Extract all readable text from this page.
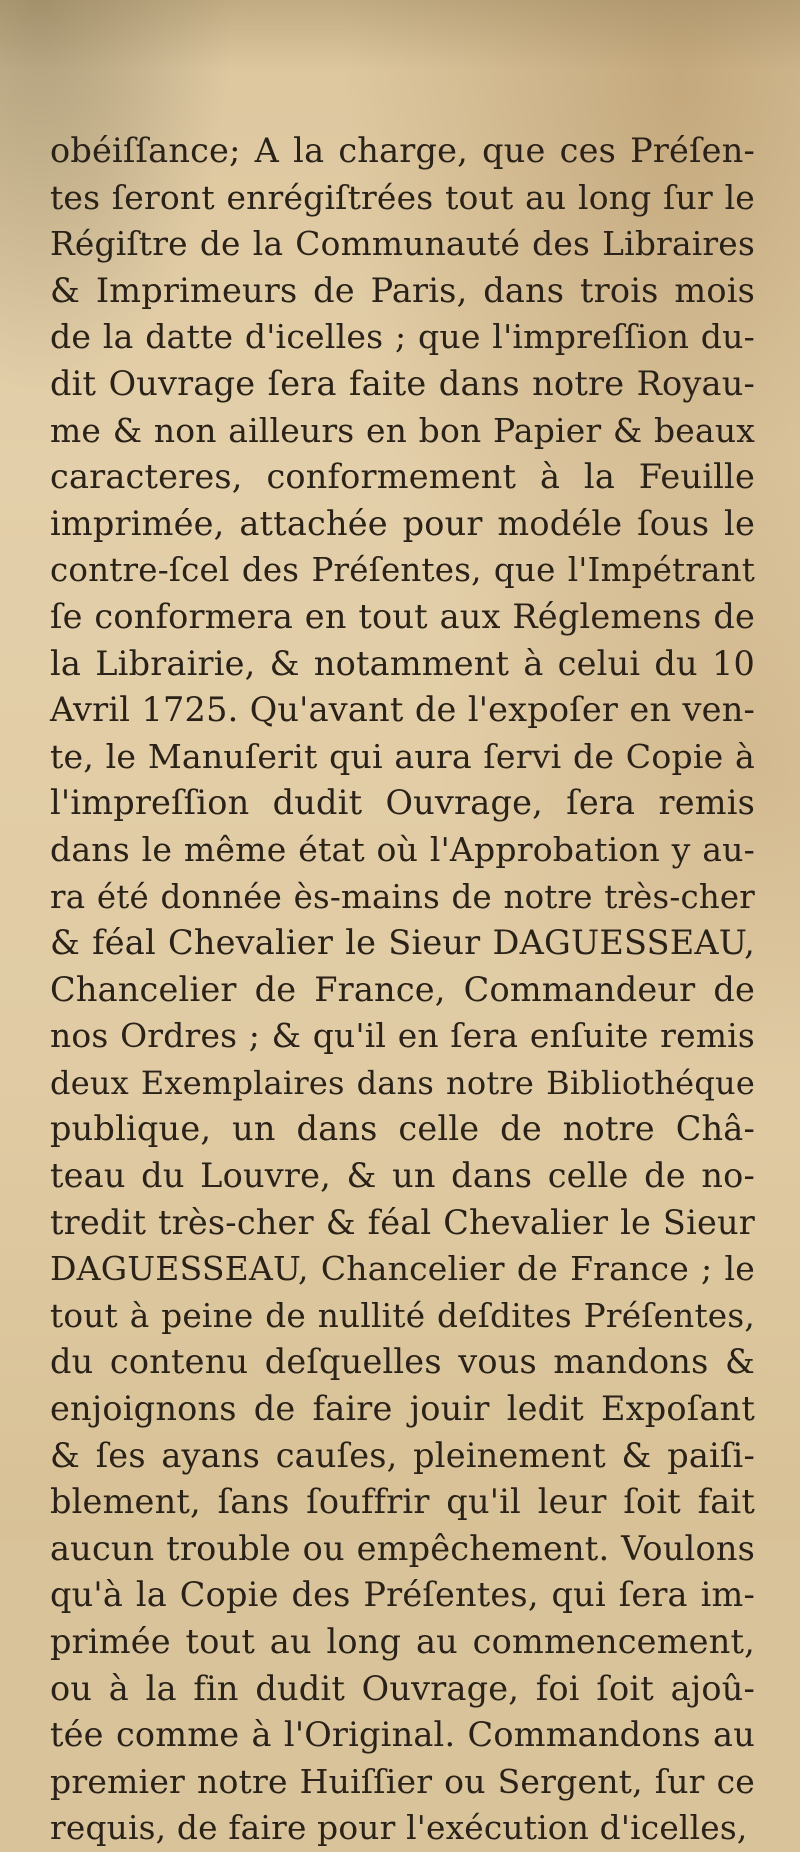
obéiſſance; A la charge, que ces Préſen-
tes ſeront enrégiſtrées tout au long ſur le
Régiſtre de la Communauté des Libraires
& Imprimeurs de Paris, dans trois mois
de la datte d'icelles ; que l'impreſſion du-
dit Ouvrage ſera faite dans notre Royau-
me & non ailleurs en bon Papier & beaux
caracteres, conformement à la Feuille
imprimée, attachée pour modéle ſous le
contre-ſcel des Préſentes, que l'Impétrant
ſe conformera en tout aux Réglemens de
la Librairie, & notamment à celui du 10
Avril 1725. Qu'avant de l'expoſer en ven-
te, le Manuſerit qui aura ſervi de Copie à
l'impreſſion dudit Ouvrage, ſera remis
dans le même état où l'Approbation y au-
ra été donnée ès-mains de notre très-cher
& féal Chevalier le Sieur DAGUESSEAU,
Chancelier de France, Commandeur de
nos Ordres ; & qu'il en ſera enſuite remis
deux Exemplaires dans notre Bibliothéque
publique, un dans celle de notre Châ-
teau du Louvre, & un dans celle de no-
tredit très-cher & féal Chevalier le Sieur
DAGUESSEAU, Chancelier de France ; le
tout à peine de nullité deſdites Préſentes,
du contenu deſquelles vous mandons &
enjoignons de faire jouir ledit Expoſant
& ſes ayans cauſes, pleinement & paiſi-
blement, ſans ſouffrir qu'il leur ſoit fait
aucun trouble ou empêchement. Voulons
qu'à la Copie des Préſentes, qui ſera im-
primée tout au long au commencement,
ou à la fin dudit Ouvrage, foi ſoit ajoû-
tée comme à l'Original. Commandons au
premier notre Huiſſier ou Sergent, ſur ce
requis, de faire pour l'exécution d'icelles,
